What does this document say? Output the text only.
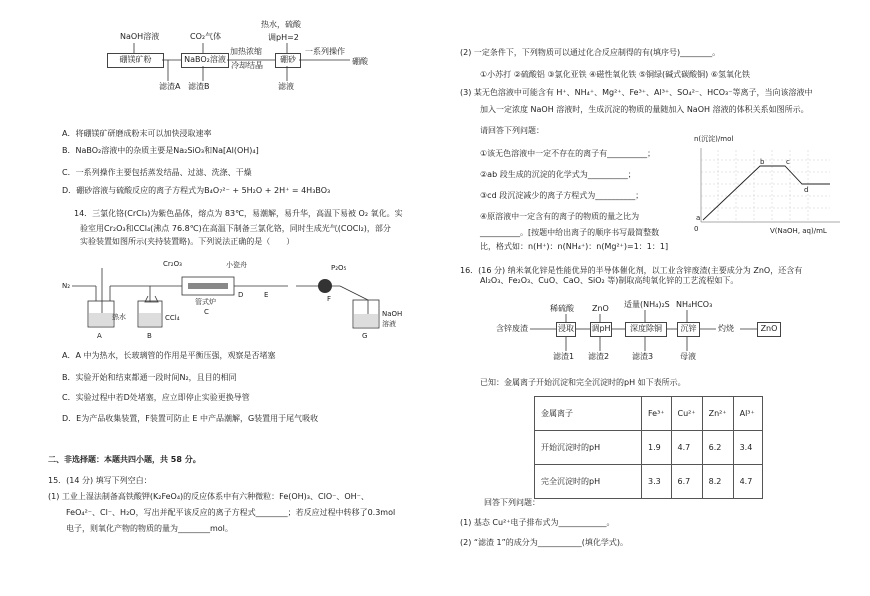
NaOH溶液	CO₂气体
热水，硫酸
调pH=2
硼镁矿粉	NaBO₂溶液	硼砂
加热浓缩
冷却结晶
一系列操作
硼酸
滤渣A 滤渣B	滤液
A．将硼镁矿研磨成粉末可以加快浸取速率
B．NaBO₂溶液中的杂质主要是Na₂SiO₃和Na[Al(OH)₄]
C．一系列操作主要包括蒸发结晶、过滤、洗涤、干燥
D．硼砂溶液与硫酸反应的离子方程式为B₄O₇²⁻ + 5H₂O + 2H⁺ = 4H₃BO₃
14．三氯化铬(CrCl₃)为紫色晶体，熔点为 83℃，易潮解，易升华，高温下易被 O₂ 氧化。实
验室用Cr₂O₃和CCl₄(沸点 76.8℃)在高温下制备三氯化铬，同时生成光气(COCl₂)，部分
实验装置如图所示(夹持装置略)。下列说法正确的是（　　）
Cr₂O₃	小瓷舟
N₂
热水	CCl₄
管式炉
D	E
P₂O₅
F
NaOH
溶液
A	B
C
G
A．A 中为热水，长玻璃管的作用是平衡压强，观察是否堵塞
B．实验开始和结束都通一段时间N₂，且目的相同
C．实验过程中若D处堵塞，应立即停止实验更换导管
D．E为产品收集装置，F装置可防止 E 中产品潮解，G装置用于尾气吸收
二、非选择题：本题共四小题，共 58 分。
15．(14 分) 填写下列空白：
(1) 工业上湿法制备高铁酸钾(K₂FeO₄)的反应体系中有六种微粒：Fe(OH)₃、ClO⁻、OH⁻、
FeO₄²⁻、Cl⁻、H₂O，写出并配平该反应的离子方程式________；若反应过程中转移了0.3mol
电子，则氧化产物的物质的量为________mol。
(2) 一定条件下，下列物质可以通过化合反应制得的有(填序号)________。
①小苏打 ②硫酸铝 ③氯化亚铁 ④磁性氧化铁 ⑤铜绿(碱式碳酸铜) ⑥氢氧化铁
(3) 某无色溶液中可能含有 H⁺、NH₄⁺、Mg²⁺、Fe³⁺、Al³⁺、SO₄²⁻、HCO₃⁻等离子，当向该溶液中
加入一定浓度 NaOH 溶液时，生成沉淀的物质的量随加入 NaOH 溶液的体积关系如图所示。
请回答下列问题：
①该无色溶液中一定不存在的离子有__________；
②ab 段生成的沉淀的化学式为__________；
③cd 段沉淀减少的离子方程式为__________；
④原溶液中一定含有的离子的物质的量之比为
__________。[按题中给出离子的顺序书写最简整数
比，格式如：n(H⁺)：n(NH₄⁺)：n(Mg²⁺)=1：1：1]
n(沉淀)/mol
V(NaOH, aq)/mL
0
a
b	c
d
16．(16 分) 纳米氧化锌是性能优异的半导体催化剂，以工业含锌废渣(主要成分为 ZnO，还含有
Al₂O₃、Fe₂O₃、CuO、CaO、SiO₂ 等)制取高纯氧化锌的工艺流程如下。
稀硫酸 ZnO 适量(NH₄)₂S NH₄HCO₃
含锌废渣	浸取 调pH	深度除铜	沉锌	灼烧	ZnO
滤渣1 滤渣2	滤渣3	母液
已知：金属离子开始沉淀和完全沉淀时的pH 如下表所示。
金属离子	Fe³⁺	Cu²⁺	Zn²⁺	Al³⁺
开始沉淀时的pH	1.9	4.7	6.2	3.4
完全沉淀时的pH	3.3	6.7	8.2	4.7
回答下列问题：
(1) 基态 Cu²⁺电子排布式为____________。
(2) “滤渣 1”的成分为___________(填化学式)。
